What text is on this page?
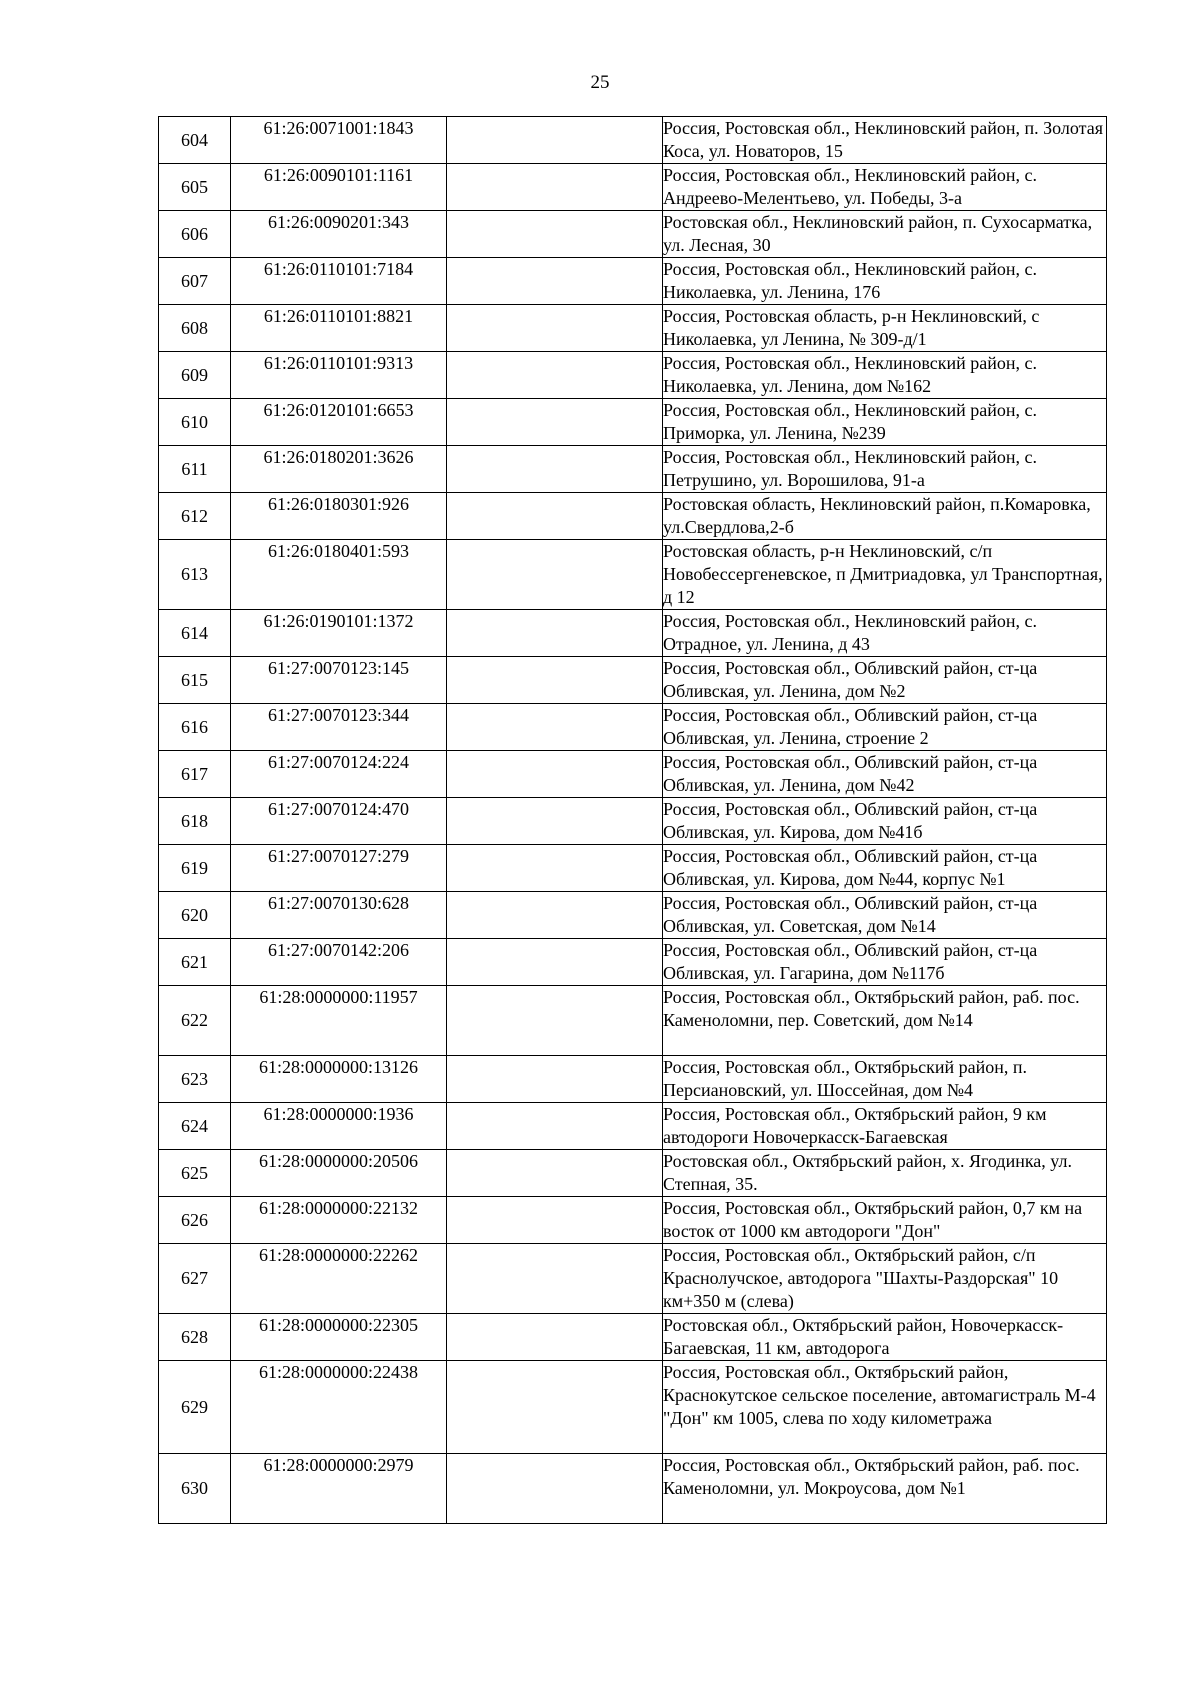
25
604	61:26:0071001:1843		Россия, Ростовская обл., Неклиновский район, п. Золотая Коса, ул. Новаторов, 15
605	61:26:0090101:1161		Россия, Ростовская обл., Неклиновский район, с. Андреево-Мелентьево, ул. Победы, 3-а
606	61:26:0090201:343		Ростовская обл., Неклиновский район, п. Сухосарматка, ул. Лесная, 30
607	61:26:0110101:7184		Россия, Ростовская обл., Неклиновский район, с. Николаевка, ул. Ленина, 176
608	61:26:0110101:8821		Россия, Ростовская область, р-н Неклиновский, с Николаевка, ул Ленина, № 309-д/1
609	61:26:0110101:9313		Россия, Ростовская обл., Неклиновский район, с. Николаевка, ул. Ленина, дом №162
610	61:26:0120101:6653		Россия, Ростовская обл., Неклиновский район, с. Приморка, ул. Ленина, №239
611	61:26:0180201:3626		Россия, Ростовская обл., Неклиновский район, с. Петрушино, ул. Ворошилова, 91-а
612	61:26:0180301:926		Ростовская область, Неклиновский район, п.Комаровка, ул.Свердлова,2-б
613	61:26:0180401:593		Ростовская область, р-н Неклиновский, с/п Новобессергеневское, п Дмитриадовка, ул Транспортная, д 12
614	61:26:0190101:1372		Россия, Ростовская обл., Неклиновский район, с. Отрадное, ул. Ленина, д 43
615	61:27:0070123:145		Россия, Ростовская обл., Обливский район, ст-ца Обливская, ул. Ленина, дом №2
616	61:27:0070123:344		Россия, Ростовская обл., Обливский район, ст-ца Обливская, ул. Ленина, строение 2
617	61:27:0070124:224		Россия, Ростовская обл., Обливский район, ст-ца Обливская, ул. Ленина, дом №42
618	61:27:0070124:470		Россия, Ростовская обл., Обливский район, ст-ца Обливская, ул. Кирова, дом №41б
619	61:27:0070127:279		Россия, Ростовская обл., Обливский район, ст-ца Обливская, ул. Кирова, дом №44, корпус №1
620	61:27:0070130:628		Россия, Ростовская обл., Обливский район, ст-ца Обливская, ул. Советская, дом №14
621	61:27:0070142:206		Россия, Ростовская обл., Обливский район, ст-ца Обливская, ул. Гагарина, дом №117б
622	61:28:0000000:11957		Россия, Ростовская обл., Октябрьский район, раб. пос. Каменоломни, пер. Советский, дом №14
623	61:28:0000000:13126		Россия, Ростовская обл., Октябрьский район, п. Персиановский, ул. Шоссейная, дом №4
624	61:28:0000000:1936		Россия, Ростовская обл., Октябрьский район, 9 км автодороги Новочеркасск-Багаевская
625	61:28:0000000:20506		Ростовская обл., Октябрьский район, х. Ягодинка, ул. Степная, 35.
626	61:28:0000000:22132		Россия, Ростовская обл., Октябрьский район, 0,7 км на восток от 1000 км автодороги "Дон"
627	61:28:0000000:22262		Россия, Ростовская обл., Октябрьский район, с/п Краснолучское, автодорога "Шахты-Раздорская" 10 км+350 м (слева)
628	61:28:0000000:22305		Ростовская обл., Октябрьский район, Новочеркасск-Багаевская, 11 км, автодорога
629	61:28:0000000:22438		Россия, Ростовская обл., Октябрьский район, Краснокутское сельское поселение, автомагистраль М-4 "Дон" км 1005, слева по ходу километража
630	61:28:0000000:2979		Россия, Ростовская обл., Октябрьский район, раб. пос. Каменоломни, ул. Мокроусова, дом №1
